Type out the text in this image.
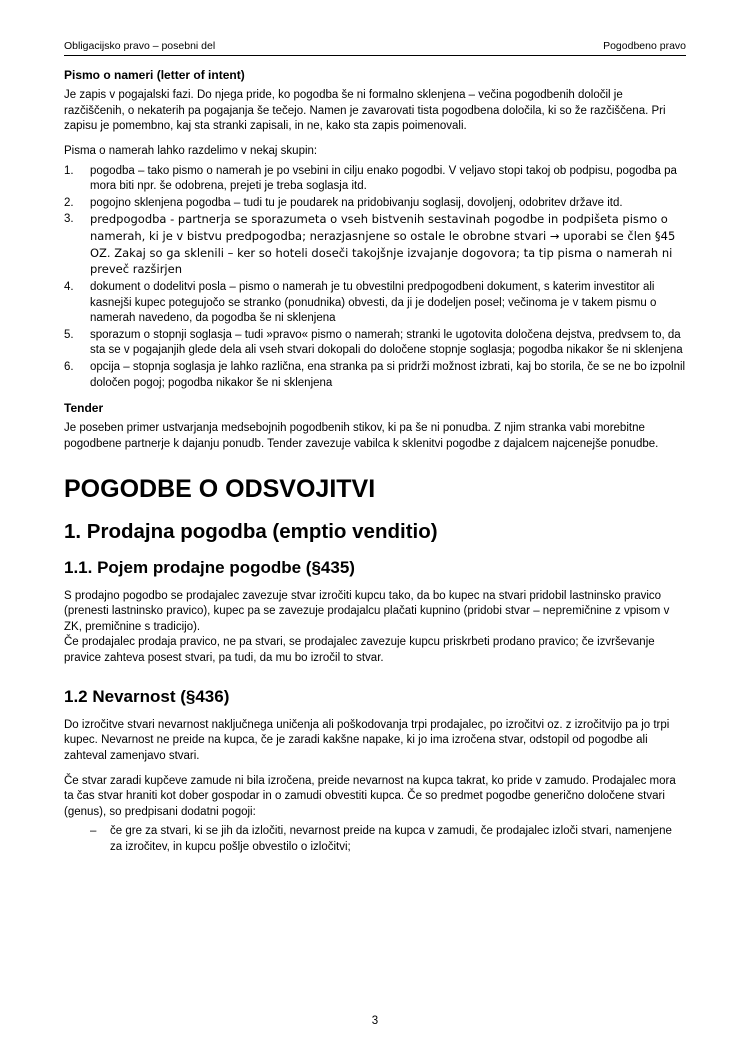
Obligacijsko pravo – posebni del	Pogodbeno pravo
Pismo o nameri (letter of intent)

Je zapis v pogajalski fazi. Do njega pride, ko pogodba še ni formalno sklenjena – večina pogodbenih določil je razčiščenih, o nekaterih pa pogajanja še tečejo. Namen je zavarovati tista pogodbena določila, ki so že razčiščena. Pri zapisu je pomembno, kaj sta stranki zapisali, in ne, kako sta zapis poimenovali.

Pisma o namerah lahko razdelimo v nekaj skupin:

1.	pogodba – tako pismo o namerah je po vsebini in cilju enako pogodbi. V veljavo stopi takoj ob podpisu, pogodba pa mora biti npr. še odobrena, prejeti je treba soglasja itd.
2.	pogojno sklenjena pogodba – tudi tu je poudarek na pridobivanju soglasij, dovoljenj, odobritev države itd.
3.	predpogodba - partnerja se sporazumeta o vseh bistvenih sestavinah pogodbe in podpišeta pismo o namerah, ki je v bistvu predpogodba; nerazjasnjene so ostale le obrobne stvari → uporabi se člen §45 OZ. Zakaj so ga sklenili – ker so hoteli doseči takojšnje izvajanje dogovora; ta tip pisma o namerah ni preveč razširjen
4.	dokument o dodelitvi posla – pismo o namerah je tu obvestilni predpogodbeni dokument, s katerim investitor ali kasnejši kupec potegujočo se stranko (ponudnika) obvesti, da ji je dodeljen posel; večinoma je v takem pismu o namerah navedeno, da pogodba še ni sklenjena
5.	sporazum o stopnji soglasja – tudi »pravo« pismo o namerah; stranki le ugotovita določena dejstva, predvsem to, da sta se v pogajanjih glede dela ali vseh stvari dokopali do določene stopnje soglasja; pogodba nikakor še ni sklenjena
6.	opcija – stopnja soglasja je lahko različna, ena stranka pa si pridrži možnost izbrati, kaj bo storila, če se ne bo izpolnil določen pogoj; pogodba nikakor še ni sklenjena
Tender

Je poseben primer ustvarjanja medsebojnih pogodbenih stikov, ki pa še ni ponudba. Z njim stranka vabi morebitne pogodbene partnerje k dajanju ponudb. Tender zavezuje vabilca k sklenitvi pogodbe z dajalcem najcenejše ponudbe.

POGODBE O ODSVOJITVI
1. Prodajna pogodba (emptio venditio)
1.1. Pojem prodajne pogodbe (§435)

S prodajno pogodbo se prodajalec zavezuje stvar izročiti kupcu tako, da bo kupec na stvari pridobil lastninsko pravico (prenesti lastninsko pravico), kupec pa se zavezuje prodajalcu plačati kupnino (pridobi stvar – nepremičnine z vpisom v ZK, premičnine s tradicijo).
Če prodajalec prodaja pravico, ne pa stvari, se prodajalec zavezuje kupcu priskrbeti prodano pravico; če izvrševanje pravice zahteva posest stvari, pa tudi, da mu bo izročil to stvar.

1.2 Nevarnost (§436)

Do izročitve stvari nevarnost naključnega uničenja ali poškodovanja trpi prodajalec, po izročitvi oz. z izročitvijo pa jo trpi kupec. Nevarnost ne preide na kupca, če je zaradi kakšne napake, ki jo ima izročena stvar, odstopil od pogodbe ali zahteval zamenjavo stvari.

Če stvar zaradi kupčeve zamude ni bila izročena, preide nevarnost na kupca takrat, ko pride v zamudo. Prodajalec mora ta čas stvar hraniti kot dober gospodar in o zamudi obvestiti kupca. Če so predmet pogodbe generično določene stvari (genus), so predpisani dodatni pogoji:

– če gre za stvari, ki se jih da izločiti, nevarnost preide na kupca v zamudi, če prodajalec izloči stvari, namenjene za izročitev, in kupcu pošlje obvestilo o izločitvi;
3
